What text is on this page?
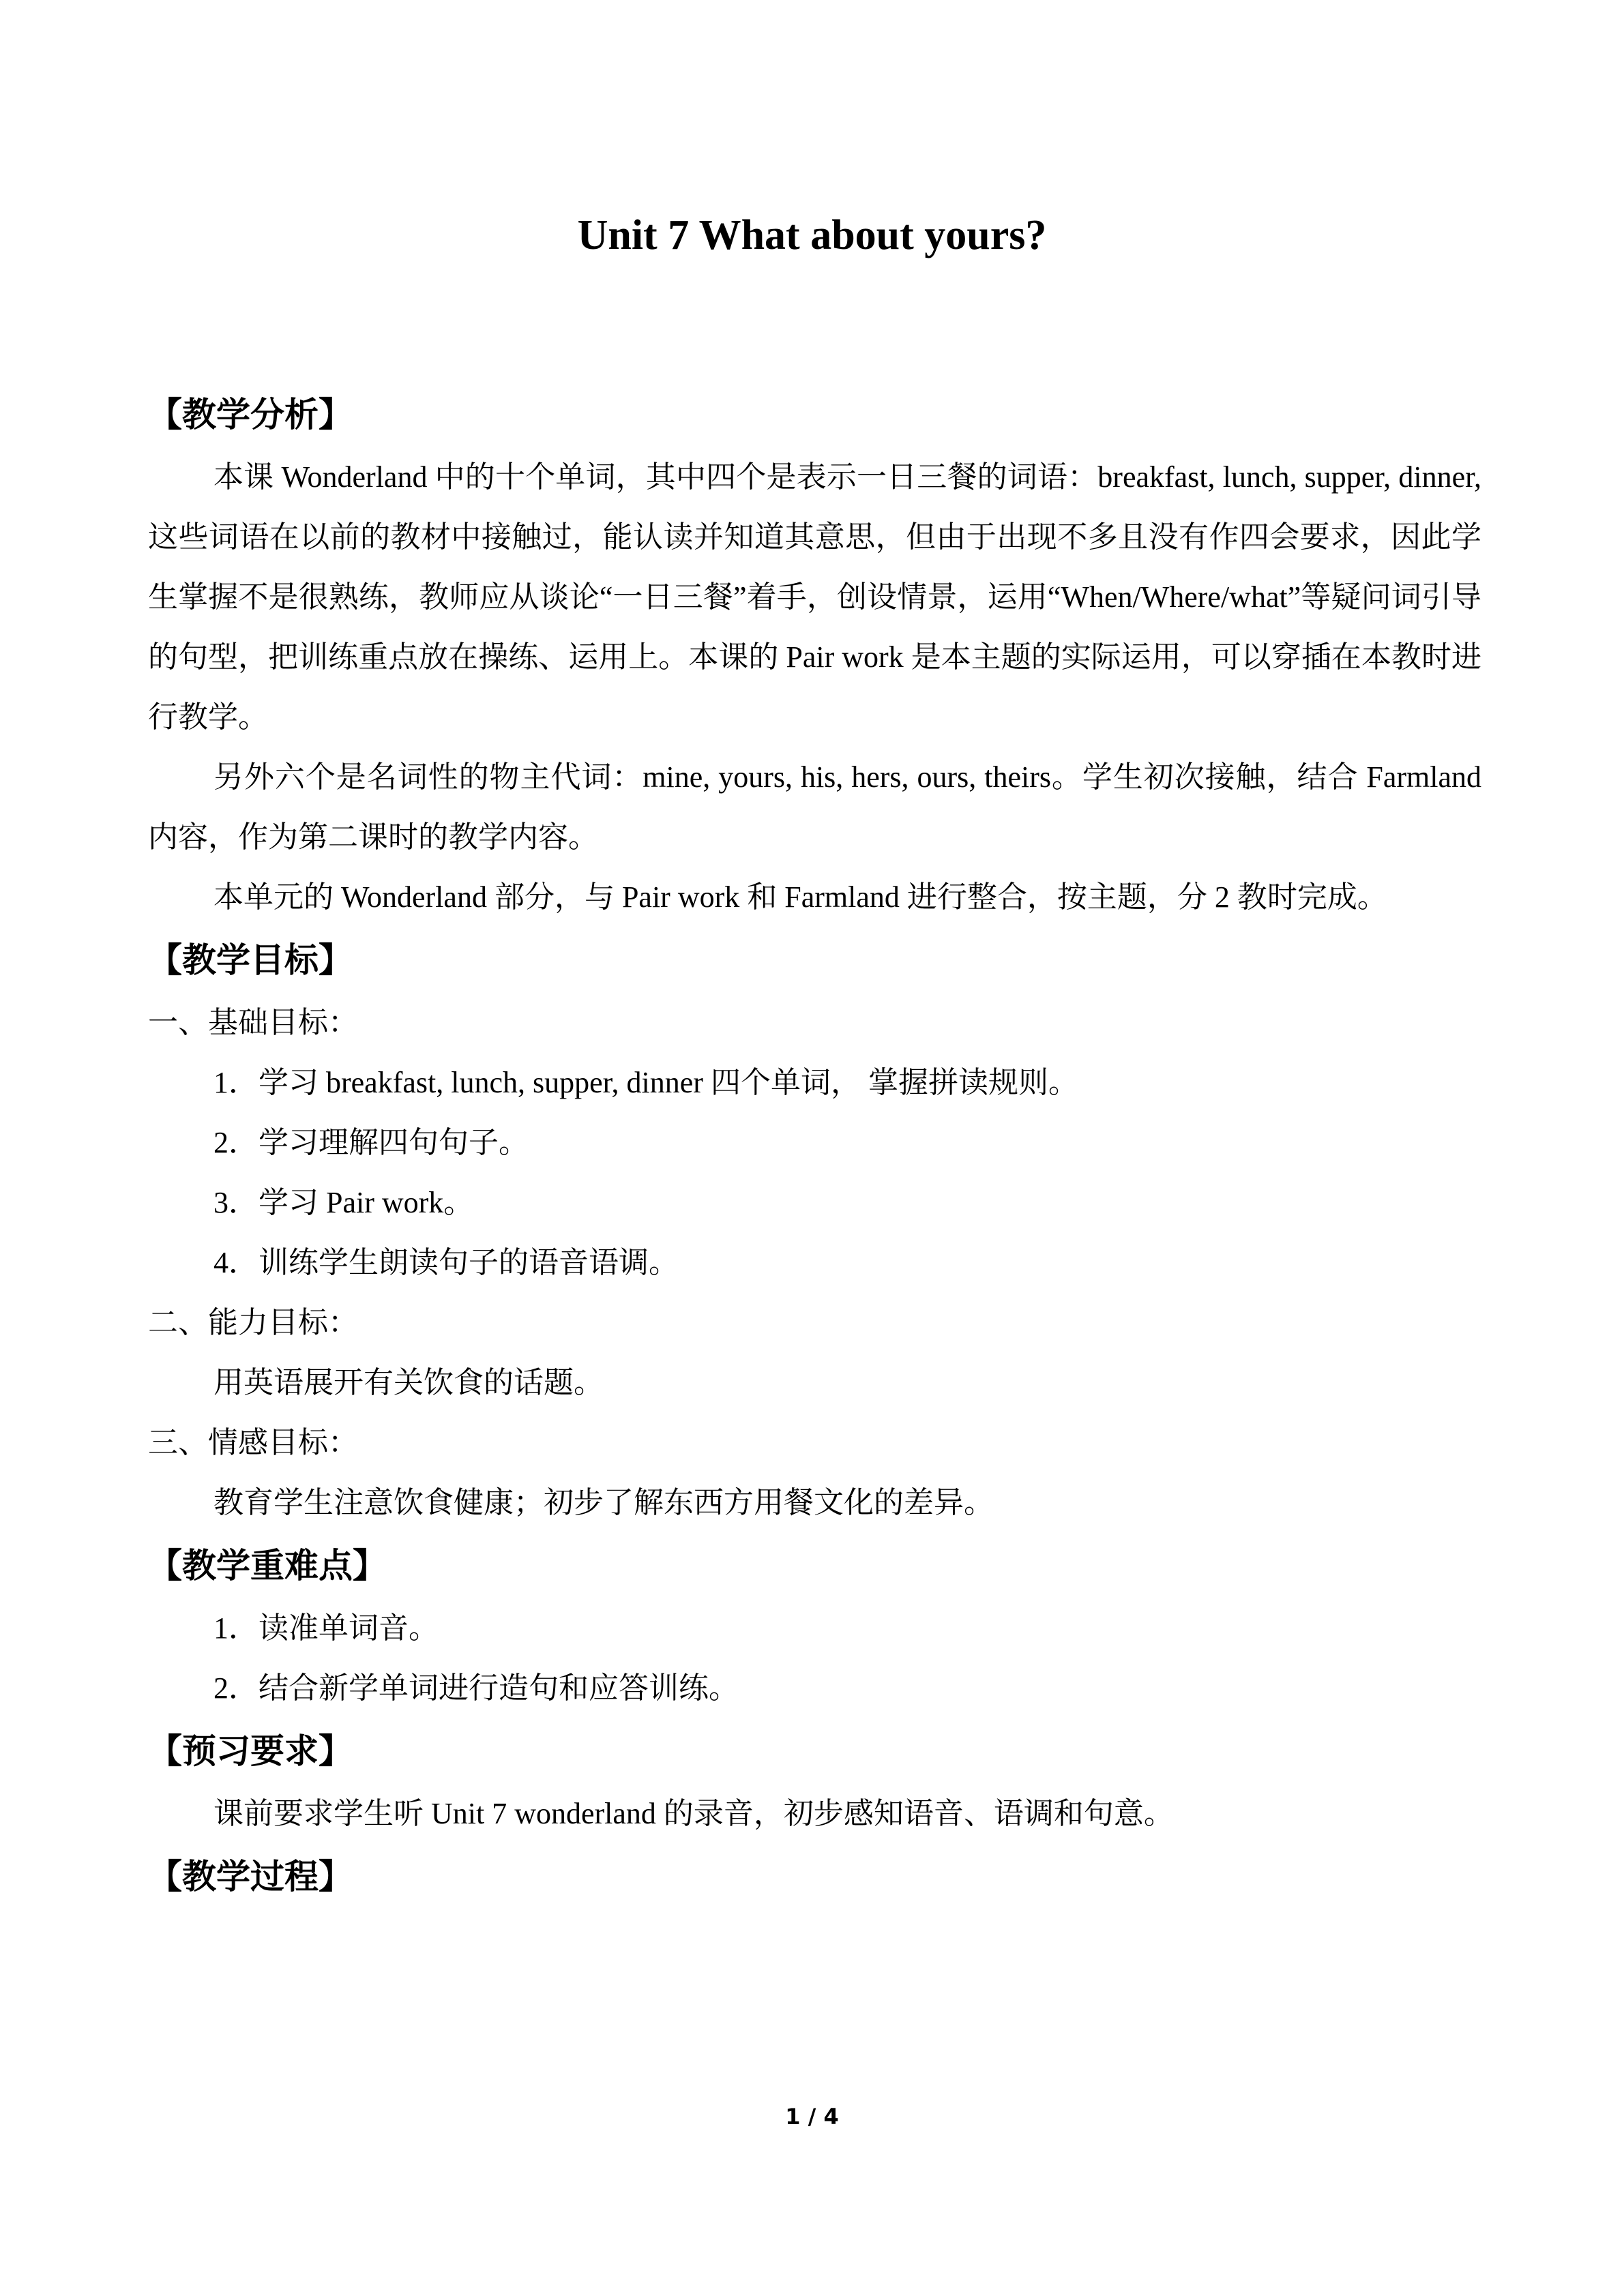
Unit 7 What about yours?
【教学分析】

本课 Wonderland 中的十个单词，其中四个是表示一日三餐的词语：breakfast, lunch, supper, dinner, 这些词语在以前的教材中接触过，能认读并知道其意思，但由于出现不多且没有作四会要求，因此学生掌握不是很熟练，教师应从谈论“一日三餐”着手，创设情景，运用“When/Where/what”等疑问词引导的句型，把训练重点放在操练、运用上。本课的 Pair work 是本主题的实际运用，可以穿插在本教时进行教学。

另外六个是名词性的物主代词：mine, yours, his, hers, ours, theirs。学生初次接触，结合 Farmland 内容，作为第二课时的教学内容。

本单元的 Wonderland 部分，与 Pair work 和 Farmland 进行整合，按主题，分 2 教时完成。

【教学目标】

一、基础目标：

1．学习 breakfast, lunch, supper, dinner 四个单词， 掌握拼读规则。

2．学习理解四句句子。

3．学习 Pair work。

4．训练学生朗读句子的语音语调。

二、能力目标：

用英语展开有关饮食的话题。

三、情感目标：

教育学生注意饮食健康；初步了解东西方用餐文化的差异。

【教学重难点】

1．读准单词音。

2．结合新学单词进行造句和应答训练。

【预习要求】

课前要求学生听 Unit 7 wonderland 的录音，初步感知语音、语调和句意。

【教学过程】
1 / 4
